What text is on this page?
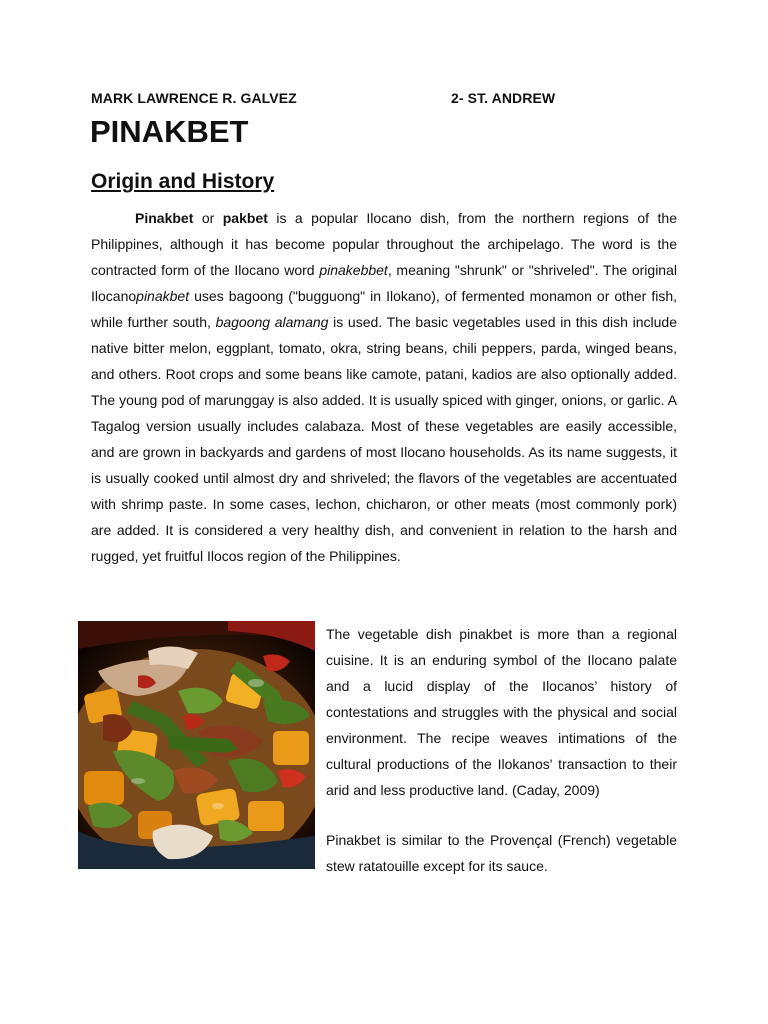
MARK LAWRENCE R. GALVEZ	2- ST. ANDREW
PINAKBET
Origin and History

Pinakbet or pakbet is a popular Ilocano dish, from the northern regions of the Philippines, although it has become popular throughout the archipelago. The word is the contracted form of the Ilocano word pinakebbet, meaning "shrunk" or "shriveled". The original Ilocanopinakbet uses bagoong ("bugguong" in Ilokano), of fermented monamon or other fish, while further south, bagoong alamang is used. The basic vegetables used in this dish include native bitter melon, eggplant, tomato, okra, string beans, chili peppers, parda, winged beans, and others. Root crops and some beans like camote, patani, kadios are also optionally added. The young pod of marunggay is also added. It is usually spiced with ginger, onions, or garlic. A Tagalog version usually includes calabaza. Most of these vegetables are easily accessible, and are grown in backyards and gardens of most Ilocano households. As its name suggests, it is usually cooked until almost dry and shriveled; the flavors of the vegetables are accentuated with shrimp paste. In some cases, lechon, chicharon, or other meats (most commonly pork) are added. It is considered a very healthy dish, and convenient in relation to the harsh and rugged, yet fruitful Ilocos region of the Philippines.

The vegetable dish pinakbet is more than a regional cuisine. It is an enduring symbol of the Ilocano palate and a lucid display of the Ilocanos’ history of contestations and struggles with the physical and social environment. The recipe weaves intimations of the cultural productions of the Ilokanos' transaction to their arid and less productive land. (Caday, 2009)

Pinakbet is similar to the Provençal (French) vegetable stew ratatouille except for its sauce.
